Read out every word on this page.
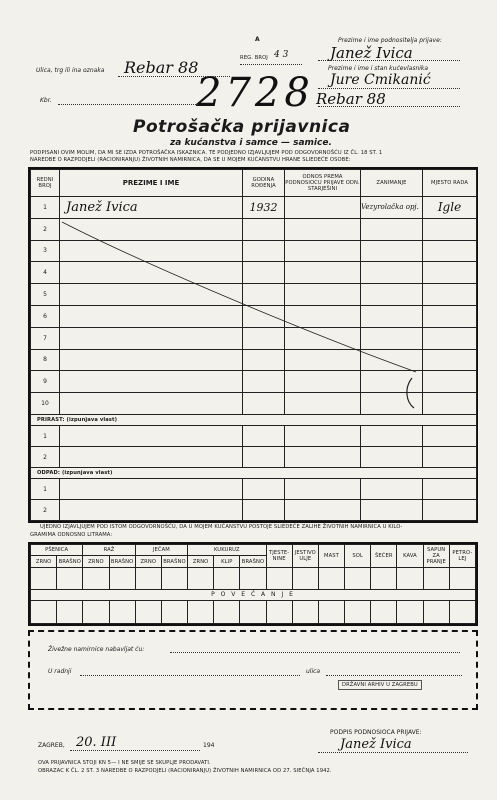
A
REG. BROJ 4 3
2728
Ulica, trg ili ina oznaka Rebar 88
Kbr.
Prezime i ime podnositelja prijave:
Janež Ivica
Prezime i ime i stan kućevlasnika
Jure Cmikanić
Rebar 88
Potrošačka prijavnica
za kućanstva i samce — samice.
PODPISANI OVIM MOLIM, DA MI SE IZDA POTROŠAČKA ISKAZNICA. TE PODJEDNO IZJAVLJUJEM POD ODGOVORNOŠĆU IZ ČL. 18 ST. 1
NAREDBE O RAZPODJELI (RACIONIRANJU) ŽIVOTNIH NAMIRNICA, DA SE U MOJEM KUĆANSTVU HRANE SLIEDEĆE OSOBE:
REDNI BROJ	PREZIME I IME	GODINA ROĐENJA	ODNOS PREMA PODNOSIOCU PRIJAVE ODN. STARJEŠINI	ZANIMANJE	MJESTO RADA
1	Janež Ivica	1932		Vezyrolačka opj.	Igle
2					
3					
4					
5					
6					
7					
8					
9					
10					
PRIRAST: (izpunjava vlast)					
1					
2					
ODPAD: (izpunjava vlast)					
1					
2					
UJEDNO IZJAVLJUJEM POD ISTOM ODGOVORNOŠĆU, DA U MOJEM KUĆANSTVU POSTOJE SLIEDEĆE ZALIHE ŽIVOTNIH NAMIRNICA U KILO-
GRAMIMA ODNOSNO LITRAMA:
PŠENICA		RAŽ		JEČAM		KUKURUZ			TJESTE-NINE	JESTIVO ULJE	MAST	SOL	ŠEĆER	KAVA	SAPUN ZA PRANJE	PETRO-LEJ
ZRNO	BRAŠNO	ZRNO	BRAŠNO	ZRNO	BRAŠNO	ZRNO	KLIP	BRAŠNO								

P O V E Ć A N J E																

Živežne namirnice nabavljat ću:
U radnji	ulica
DRŽAVNI ARHIV U ZAGREBU
PODPIS PODNOSIOCA PRIJAVE:
ZAGREB, 20. III	194	Janež Ivica
OVA PRIJAVNICA STOJI KN 5— I NE SMIJE SE SKUPLJE PRODAVATI.
OBRAZAC K ČL. 2 ST. 3 NAREDBE O RAZPODJELI (RACIONIRANJU) ŽIVOTNIH NAMIRNICA OD 27. SIEČNJA 1942.
